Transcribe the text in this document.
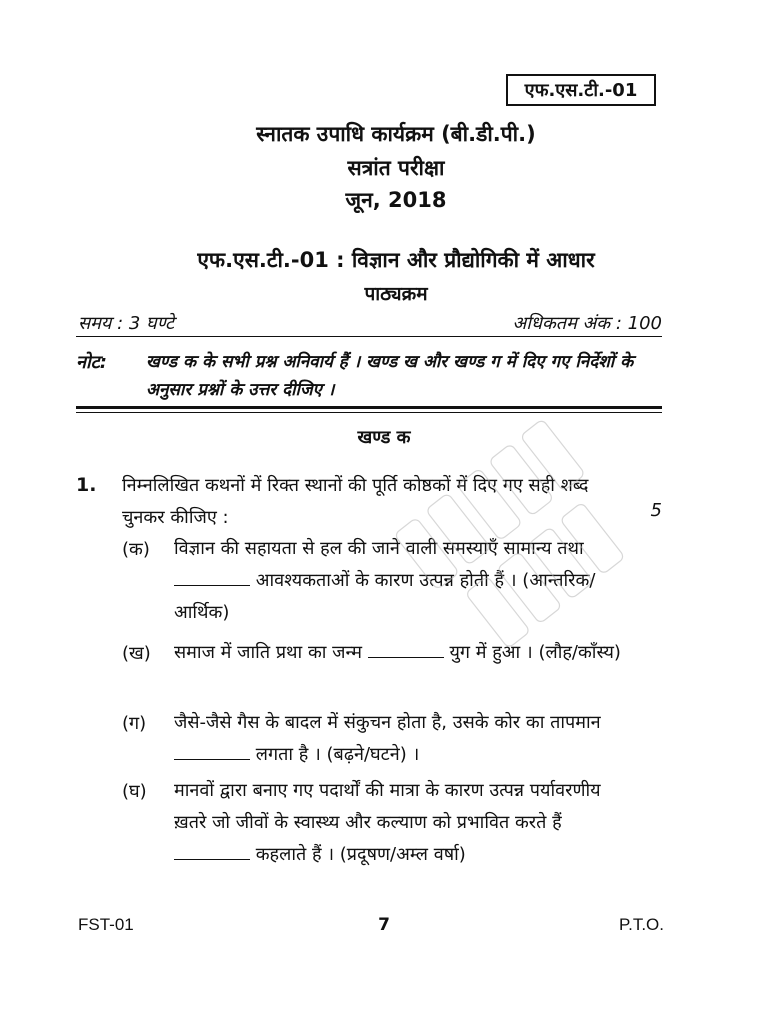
एफ.एस.टी.-01
स्नातक उपाधि कार्यक्रम (बी.डी.पी.)
सत्रांत परीक्षा
जून, 2018
एफ.एस.टी.-01 : विज्ञान और प्रौद्योगिकी में आधार
पाठ्यक्रम
समय : 3 घण्टे	अधिकतम अंक : 100
नोट: खण्ड क के सभी प्रश्न अनिवार्य हैं । खण्ड ख और खण्ड ग में दिए गए निर्देशों के अनुसार प्रश्नों के उत्तर दीजिए ।
खण्ड क
1. निम्नलिखित कथनों में रिक्त स्थानों की पूर्ति कोष्ठकों में दिए गए सही शब्द चुनकर कीजिए :	5
(क) विज्ञान की सहायता से हल की जाने वाली समस्याएँ सामान्य तथा  आवश्यकताओं के कारण उत्पन्न होती हैं । (आन्तरिक/आर्थिक)
(ख) समाज में जाति प्रथा का जन्म	युग में हुआ । (लौह/काँस्य)
(ग) जैसे-जैसे गैस के बादल में संकुचन होता है, उसके कोर का तापमान  लगता है । (बढ़ने/घटने) ।
(घ) मानवों द्वारा बनाए गए पदार्थों की मात्रा के कारण उत्पन्न पर्यावरणीय ख़तरे जो जीवों के स्वास्थ्य और कल्याण को प्रभावित करते हैं  कहलाते हैं । (प्रदूषण/अम्ल वर्षा)
FST-01	7	P.T.O.
